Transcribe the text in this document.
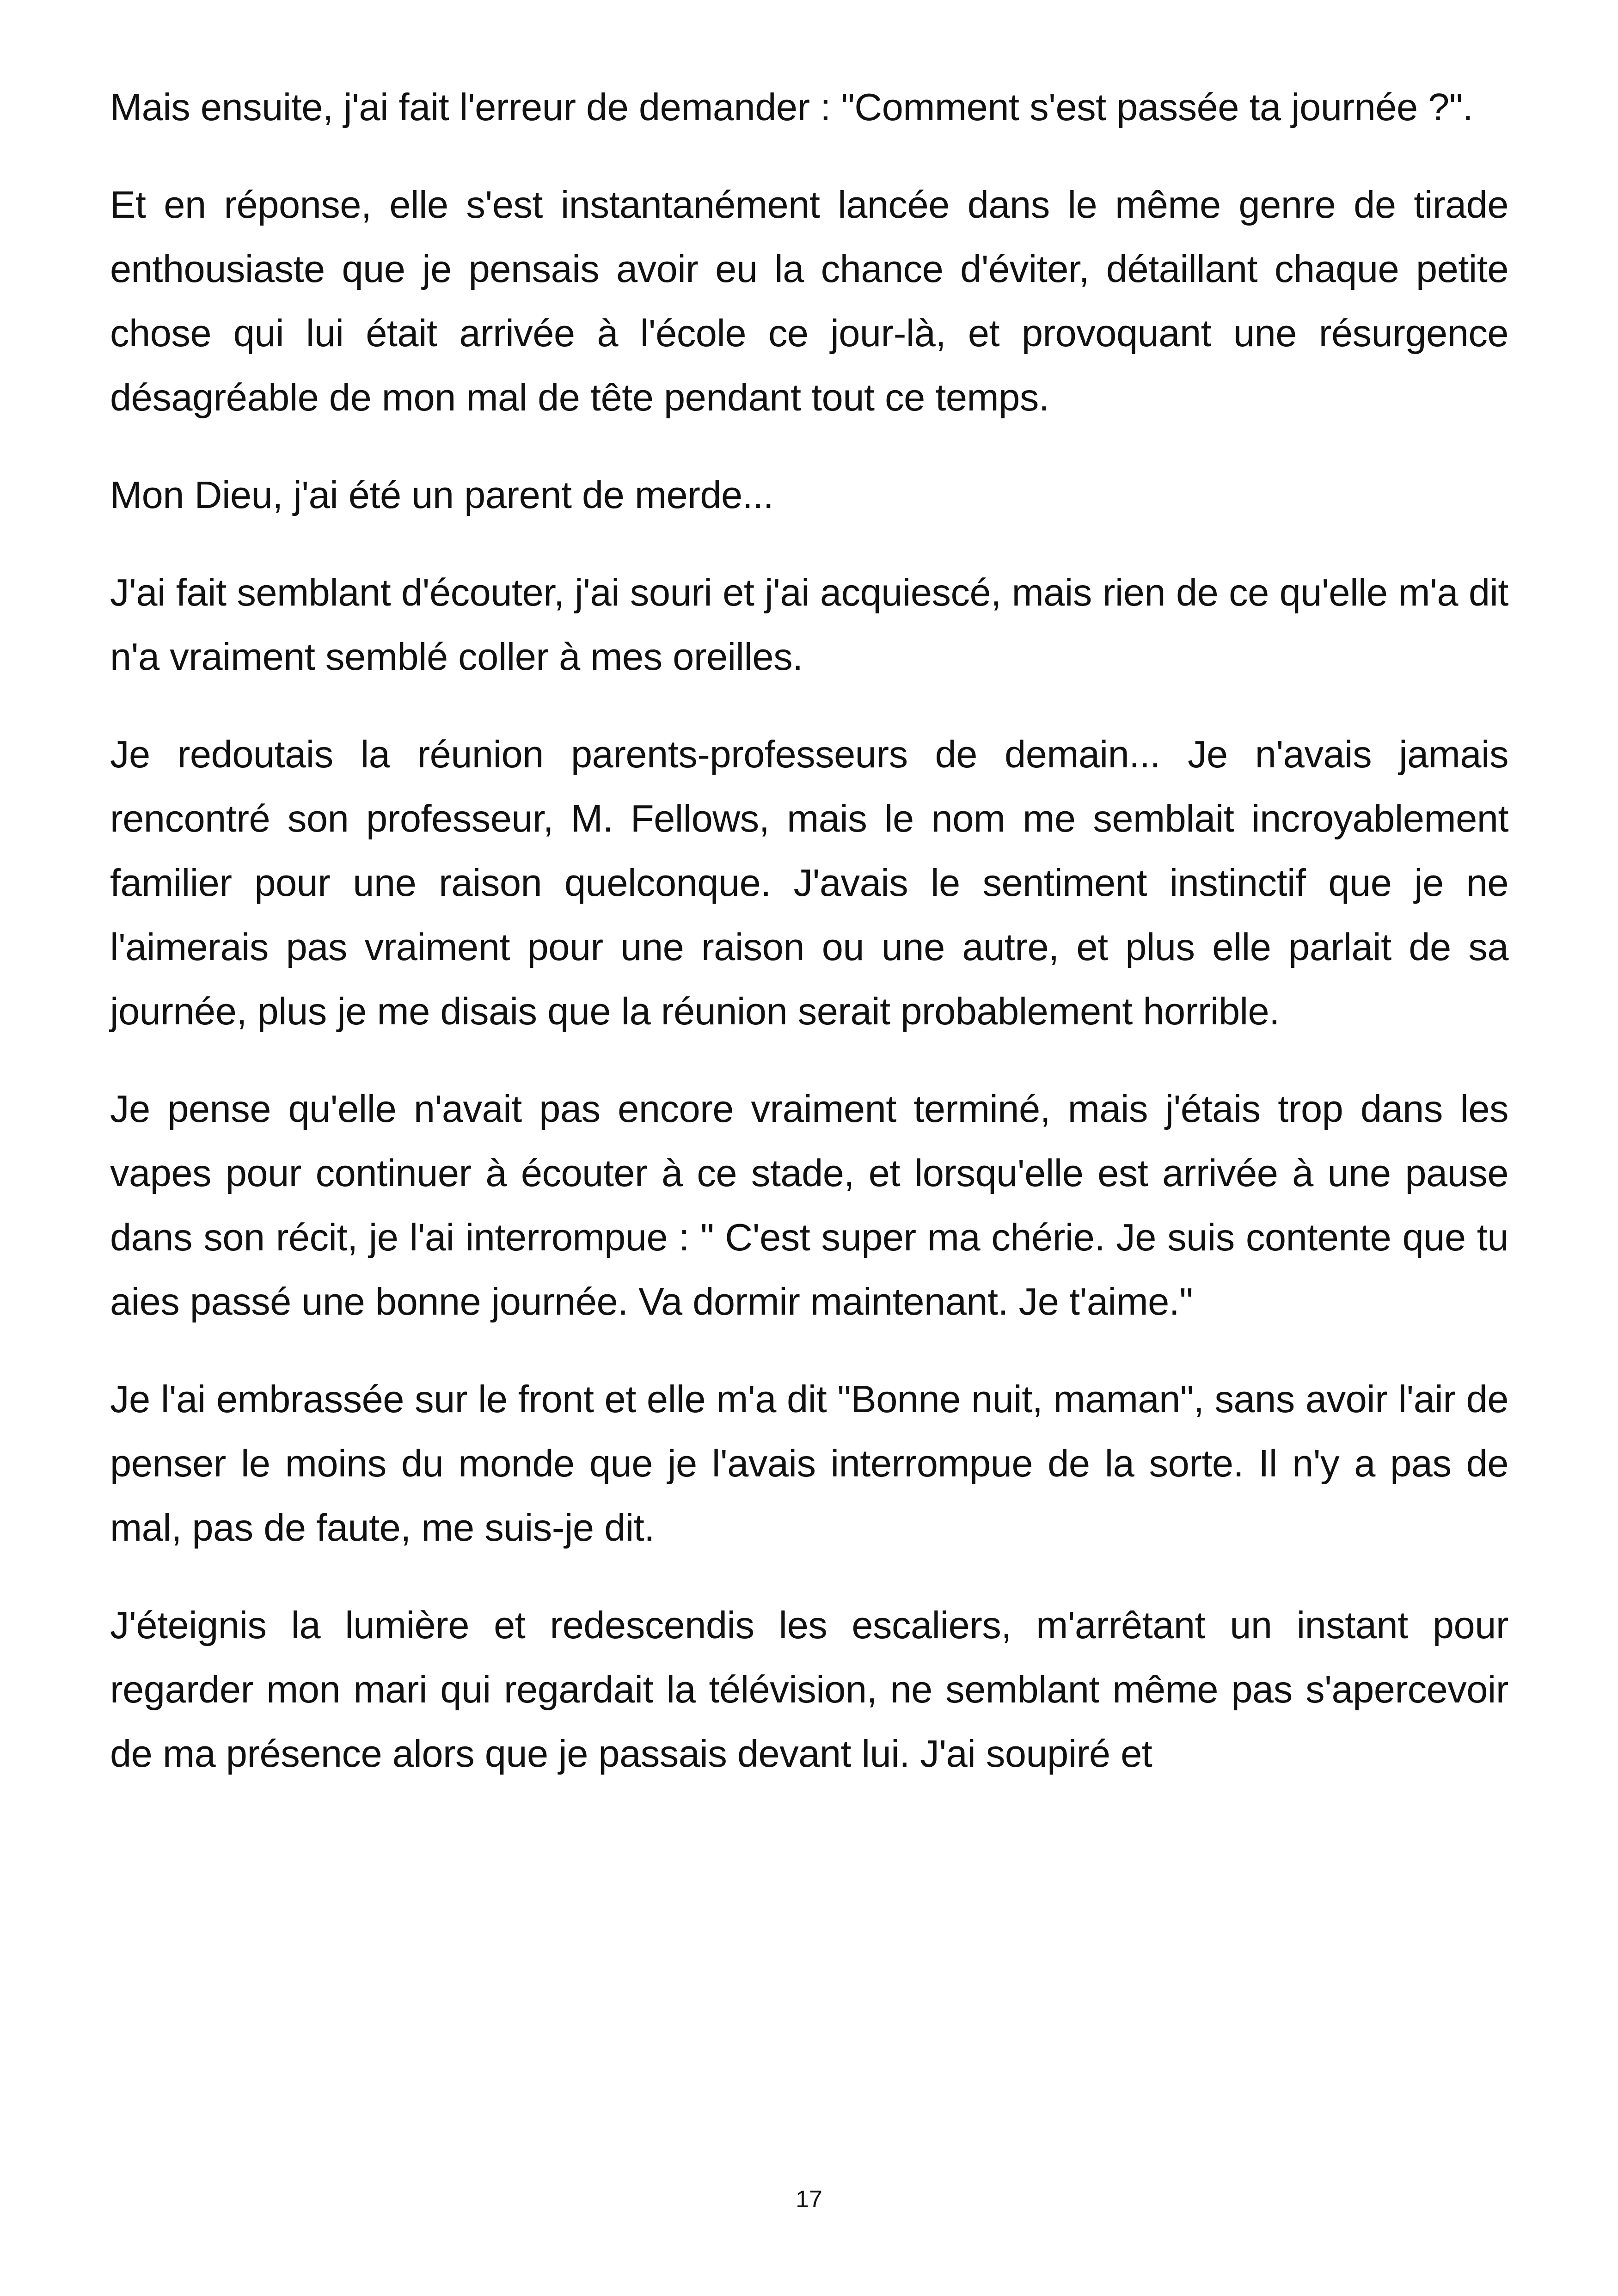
Mais ensuite, j'ai fait l'erreur de demander : "Comment s'est passée ta journée ?".

Et en réponse, elle s'est instantanément lancée dans le même genre de tirade enthousiaste que je pensais avoir eu la chance d'éviter, détaillant chaque petite chose qui lui était arrivée à l'école ce jour-là, et provoquant une résurgence désagréable de mon mal de tête pendant tout ce temps.

Mon Dieu, j'ai été un parent de merde...

J'ai fait semblant d'écouter, j'ai souri et j'ai acquiescé, mais rien de ce qu'elle m'a dit n'a vraiment semblé coller à mes oreilles.

Je redoutais la réunion parents-professeurs de demain... Je n'avais jamais rencontré son professeur, M. Fellows, mais le nom me semblait incroyablement familier pour une raison quelconque. J'avais le sentiment instinctif que je ne l'aimerais pas vraiment pour une raison ou une autre, et plus elle parlait de sa journée, plus je me disais que la réunion serait probablement horrible.

Je pense qu'elle n'avait pas encore vraiment terminé, mais j'étais trop dans les vapes pour continuer à écouter à ce stade, et lorsqu'elle est arrivée à une pause dans son récit, je l'ai interrompue : " C'est super ma chérie. Je suis contente que tu aies passé une bonne journée. Va dormir maintenant. Je t'aime."

Je l'ai embrassée sur le front et elle m'a dit "Bonne nuit, maman", sans avoir l'air de penser le moins du monde que je l'avais interrompue de la sorte. Il n'y a pas de mal, pas de faute, me suis-je dit.

J'éteignis la lumière et redescendis les escaliers, m'arrêtant un instant pour regarder mon mari qui regardait la télévision, ne semblant même pas s'apercevoir de ma présence alors que je passais devant lui. J'ai soupiré et

17
